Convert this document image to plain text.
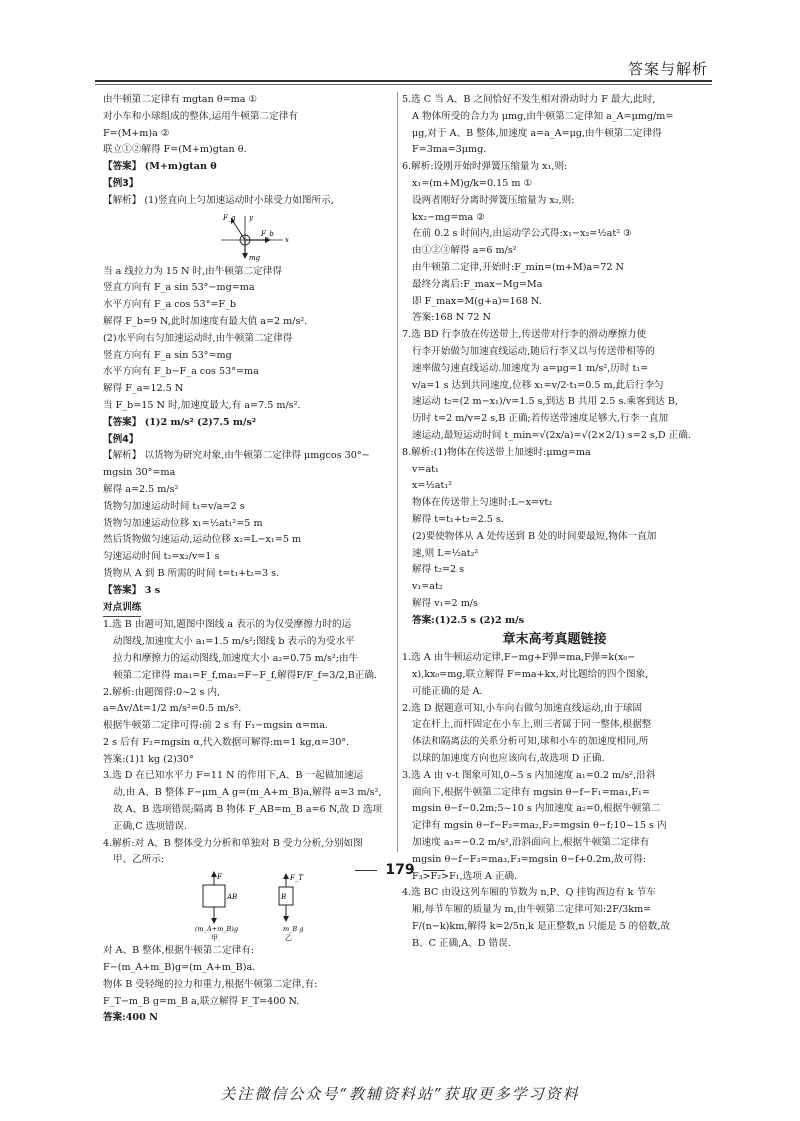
答案与解析
由牛顿第二定律有 mgtan θ=ma ①
对小车和小球组成的整体,运用牛顿第二定律有
F=(M+m)a ②
联立①②解得 F=(M+m)gtan θ.
【答案】 (M+m)gtan θ
【例3】
【解析】 (1)竖直向上匀加速运动时小球受力如图所示,
F_a y
F_b
x
mg
当 a 线拉力为 15 N 时,由牛顿第二定律得
竖直方向有 F_a sin 53°−mg=ma
水平方向有 F_a cos 53°=F_b
解得 F_b=9 N,此时加速度有最大值 a=2 m/s².
(2)水平向右匀加速运动时,由牛顿第二定律得
竖直方向有 F_a sin 53°=mg
水平方向有 F_b−F_a cos 53°=ma
解得 F_a=12.5 N
当 F_b=15 N 时,加速度最大,有 a=7.5 m/s².
【答案】 (1)2 m/s² (2)7.5 m/s²
【例4】
【解析】 以货物为研究对象,由牛顿第二定律得 μmgcos 30°−
mgsin 30°=ma
解得 a=2.5 m/s²
货物匀加速运动时间 t₁=v/a=2 s
货物匀加速运动位移 x₁=½at₁²=5 m
然后货物做匀速运动,运动位移 x₂=L−x₁=5 m
匀速运动时间 t₂=x₂/v=1 s
货物从 A 到 B 所需的时间 t=t₁+t₂=3 s.
【答案】 3 s
对点训练
1.选 B 由题可知,题图中图线 a 表示的为仅受摩擦力时的运
动图线,加速度大小 a₁=1.5 m/s²;图线 b 表示的为受水平
拉力和摩擦力的运动图线,加速度大小 a₂=0.75 m/s²;由牛
顿第二定律得 ma₁=F_f,ma₂=F−F_f,解得F/F_f=3/2,B正确.
2.解析:由题图得:0~2 s 内,
a=Δv/Δt=1/2 m/s²=0.5 m/s².
根据牛顿第二定律可得:前 2 s 有 F₁−mgsin α=ma.
2 s 后有 F₂=mgsin α,代入数据可解得:m=1 kg,α=30°.
答案:(1)1 kg (2)30°
3.选 D 在已知水平力 F=11 N 的作用下,A、B 一起做加速运
动,由 A、B 整体 F−μm_A g=(m_A+m_B)a,解得 a=3 m/s²,
故 A、B 选项错误;隔离 B 物体 F_AB=m_B a=6 N,故 D 选项
正确,C 选项错误.
4.解析:对 A、B 整体受力分析和单独对 B 受力分析,分别如图
甲、乙所示:
F
AB
(m_A+m_B)g
甲
F_T
B
m_B g
乙
对 A、B 整体,根据牛顿第二定律有:
F−(m_A+m_B)g=(m_A+m_B)a.
物体 B 受轻绳的拉力和重力,根据牛顿第二定律,有:
F_T−m_B g=m_B a,联立解得 F_T=400 N.
答案:400 N
5.选 C 当 A、B 之间恰好不发生相对滑动时力 F 最大,此时,
A 物体所受的合力为 μmg,由牛顿第二定律知 a_A=μmg/m=
μg,对于 A、B 整体,加速度 a=a_A=μg,由牛顿第二定律得
F=3ma=3μmg.
6.解析:设刚开始时弹簧压缩量为 x₁,则:
x₁=(m+M)g/k=0.15 m ①
设两者刚好分离时弹簧压缩量为 x₂,则:
kx₂−mg=ma ②
在前 0.2 s 时间内,由运动学公式得:x₁−x₂=½at² ③
由①②③解得 a=6 m/s²
由牛顿第二定律,开始时:F_min=(m+M)a=72 N
最终分离后:F_max−Mg=Ma
即 F_max=M(g+a)=168 N.
答案:168 N 72 N
7.选 BD 行李放在传送带上,传送带对行李的滑动摩擦力使
行李开始做匀加速直线运动,随后行李又以与传送带相等的
速率做匀速直线运动.加速度为 a=μg=1 m/s²,历时 t₁=
v/a=1 s 达到共同速度,位移 x₁=v/2·t₁=0.5 m,此后行李匀
速运动 t₂=(2 m−x₁)/v=1.5 s,到达 B 共用 2.5 s.乘客到达 B,
历时 t=2 m/v=2 s,B 正确;若传送带速度足够大,行李一直加
速运动,最短运动时间 t_min=√(2x/a)=√(2×2/1) s=2 s,D 正确.
8.解析:(1)物体在传送带上加速时:μmg=ma
v=at₁
x=½at₁²
物体在传送带上匀速时:L−x=vt₂
解得 t=t₁+t₂=2.5 s.
(2)要使物体从 A 处传送到 B 处的时间要最短,物体一直加
速,则 L=½at₂²
解得 t₂=2 s
v₁=at₂
解得 v₁=2 m/s
答案:(1)2.5 s (2)2 m/s
章末高考真题链接
1.选 A 由牛顿运动定律,F−mg+F弹=ma,F弹=k(x₀−
x),kx₀=mg,联立解得 F=ma+kx,对比题给的四个图象,
可能正确的是 A.
2.选 D 据题意可知,小车向右做匀加速直线运动,由于球固
定在杆上,而杆固定在小车上,则三者属于同一整体,根据整
体法和隔离法的关系分析可知,球和小车的加速度相同,所
以球的加速度方向也应该向右,故选项 D 正确.
3.选 A 由 v-t 图象可知,0~5 s 内加速度 a₁=0.2 m/s²,沿斜
面向下,根据牛顿第二定律有 mgsin θ−f−F₁=ma₁,F₁=
mgsin θ−f−0.2m;5~10 s 内加速度 a₂=0,根据牛顿第二
定律有 mgsin θ−f−F₂=ma₂,F₂=mgsin θ−f;10~15 s 内
加速度 a₃=−0.2 m/s²,沿斜面向上,根据牛顿第二定律有
mgsin θ−f−F₃=ma₃,F₃=mgsin θ−f+0.2m,故可得:
F₃>F₂>F₁,选项 A 正确.
4.选 BC 由设这列车厢的节数为 n,P、Q 挂钩西边有 k 节车
厢,每节车厢的质量为 m,由牛顿第二定律可知:2F/3km=
F/(n−k)km,解得 k=2/5n,k 是正整数,n 只能是 5 的倍数,故
B、C 正确,A、D 错误.
179
关注微信公众号“教辅资料站”获取更多学习资料
